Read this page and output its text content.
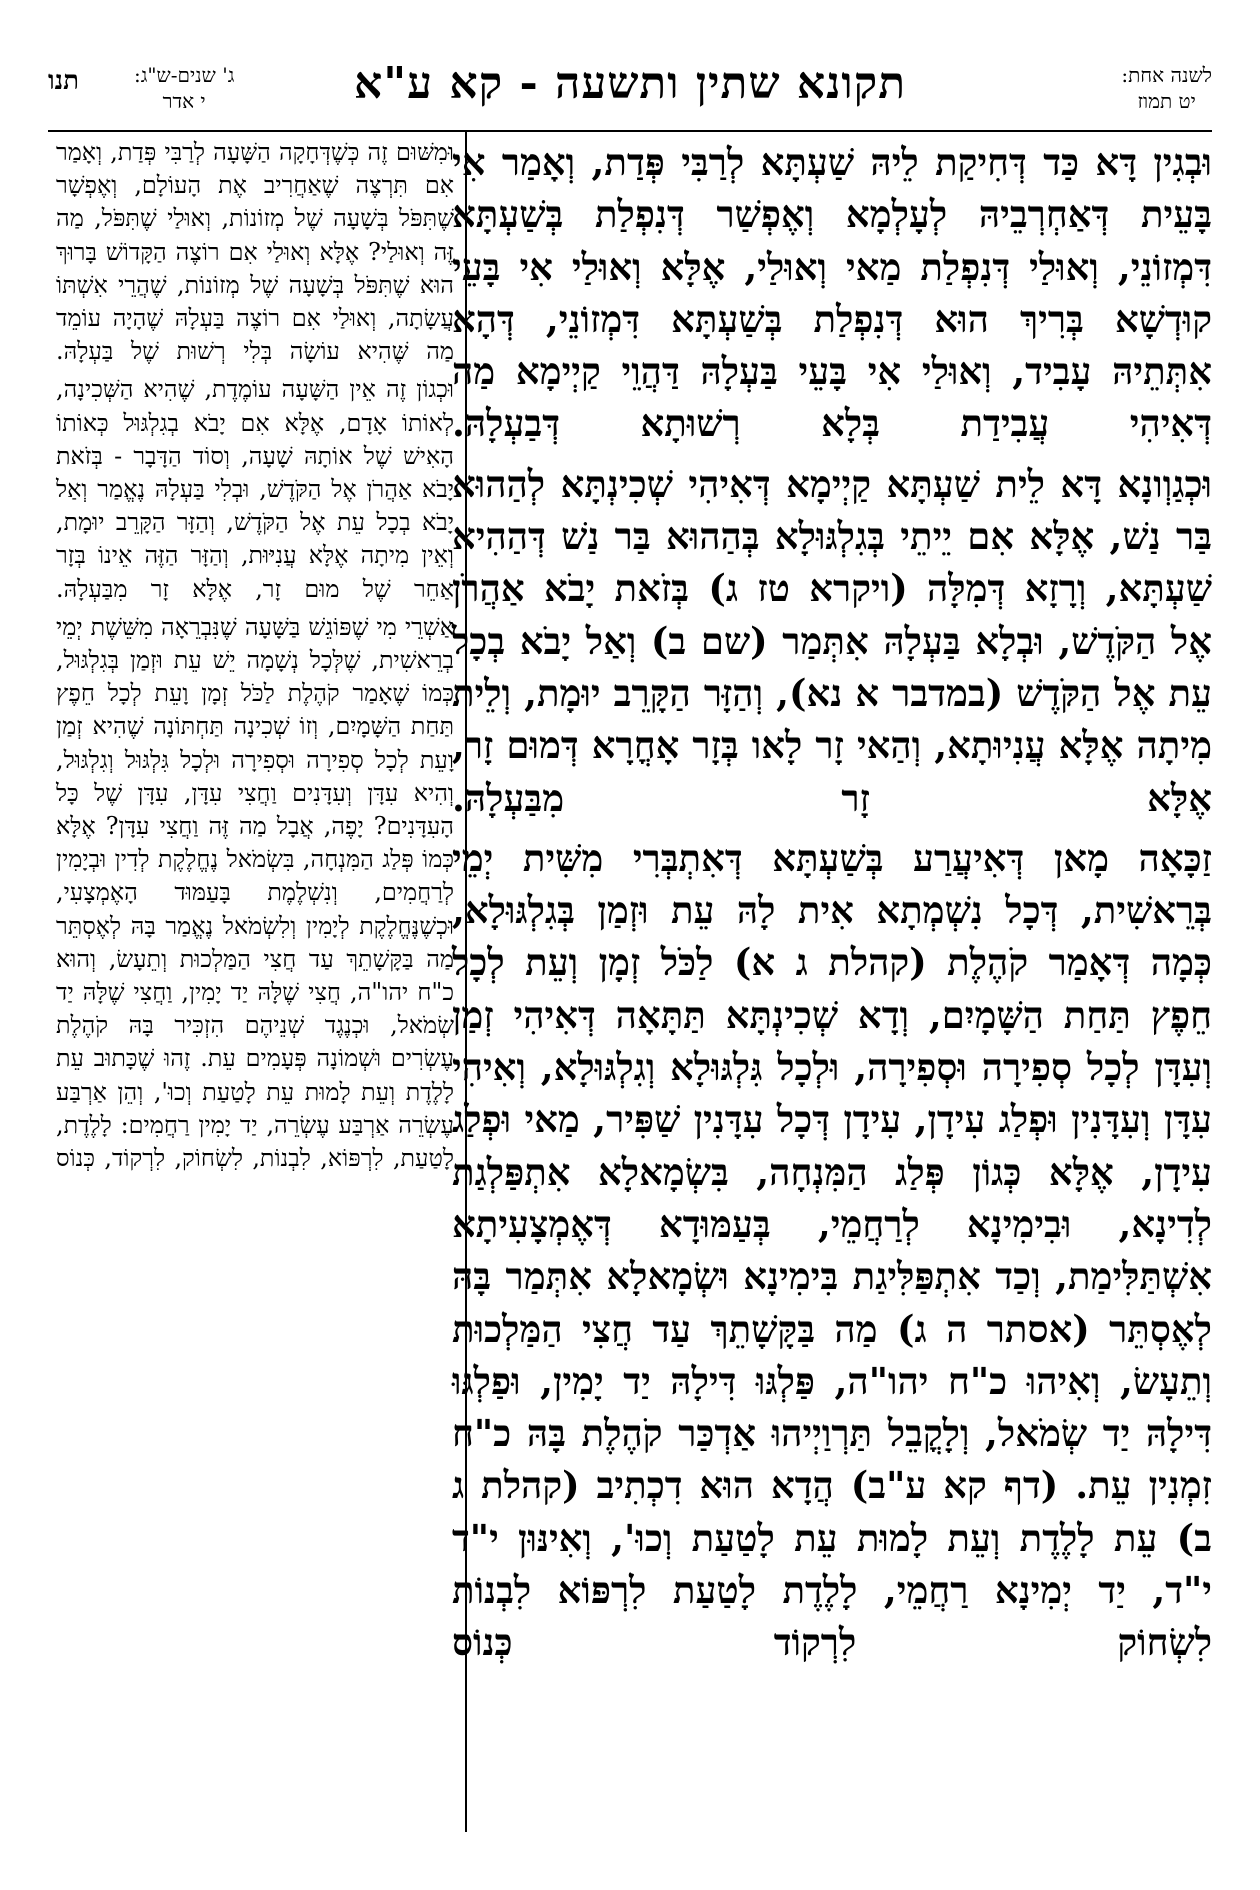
לשנה אחת:
יט תמוז
תקונא שתין ותשעה - קא ע"א
ג' שנים-ש"ג:
י אדר
תנו

וּבְגִין דָּא כַּד דְּחִיקַת לֵיהּ שַׁעְתָּא לְרַבִּי פְּדַת, וְאָמַר אִי בָּעֵית דְּאַחְרְבֵיהּ לְעָלְמָא וְאֶפְשַׁר דְּנִפְלַת בְּשַׁעְתָּא דִּמְזוֹנֵי, וְאוּלַי דְּנִפְלַת מַאי וְאוּלַי, אֶלָּא וְאוּלַי אִי בָּעֵי קוּדְשָׁא בְּרִיךְ הוּא דְּנִפְלַת בְּשַׁעְתָּא דִּמְזוֹנֵי, דְּהָא אִתְּתֵיהּ עָבִיד, וְאוּלַי אִי בָּעֵי בַּעְלָהּ דַּהֲוֵי קַיְימָא מַה דְּאִיהִי עֲבִידַת בְּלָא רְשׁוּתָא דְּבַעְלָהּ.

וּכְגַוְונָא דָּא לֵית שַׁעְתָּא קַיְימָא דְּאִיהִי שְׁכִינְתָּא לְהַהוּא בַּר נַשׁ, אֶלָּא אִם יֵיתֵי בְּגִלְגּוּלָא בְּהַהוּא בַּר נַשׁ דְּהַהִיא שַׁעְתָּא, וְרָזָא דְּמִלָּה (ויקרא טז ג) בְּזֹאת יָבֹא אַהֲרֹן אֶל הַקֹּדֶשׁ, וּבְלָא בַּעְלָהּ אִתְּמַר (שם ב) וְאַל יָבֹא בְכָל עֵת אֶל הַקֹּדֶשׁ (במדבר א נא), וְהַזָּר הַקָּרֵב יוּמָת, וְלֵית מִיתָה אֶלָּא עֲנִיוּתָא, וְהַאי זָר לָאו בְּזָר אָחֳרָא דְּמוּם זָר, אֶלָּא זָר מִבַּעְלָהּ.

זַכָּאָה מָאן דְּאִיעֲרַע בְּשַׁעְתָּא דְּאִתְבְּרִי מִשִּׁית יְמֵי בְּרֵאשִׁית, דְּכָל נִשְׁמְתָא אִית לָהּ עֵת וּזְמַן בְּגִלְגּוּלָא, כְּמָה דְּאָמַר קֹהֶלֶת (קהלת ג א) לַכֹּל זְמָן וְעֵת לְכָל חֵפֶץ תַּחַת הַשָּׁמָיִם, וְדָא שְׁכִינְתָּא תַּתָּאָה דְּאִיהִי זְמַן וְעִדָּן לְכָל סְפִירָה וּסְפִירָה, וּלְכָל גִּלְגּוּלָא וְגִלְגּוּלָא, וְאִיהִי עִדָּן וְעִדָּנִין וּפְלַג עִידָן, עִידָן דְּכָל עִדָּנִין שַׁפִּיר, מַאי וּפְלַג עִידָן, אֶלָּא כְּגוֹן פְּלַג הַמִּנְחָה, בִּשְׂמָאלָא אִתְפַּלְגַת לְדִינָא, וּבִימִינָא לְרַחֲמֵי, בְּעַמּוּדָא דְּאֶמְצָעִיתָא אִשְׁתַּלִּימַת, וְכַד אִתְפַּלִּיגַת בִּימִינָא וּשְׂמָאלָא אִתְּמַר בָּהּ לְאֶסְתֵּר (אסתר ה ג) מַה בַּקָּשָׁתֵךְ עַד חֲצִי הַמַּלְכוּת וְתֵעָשׂ, וְאִיהוּ כ"ח יהו"ה, פַּלְגּוּ דִּילָהּ יַד יָמִין, וּפַלְגּוּ דִּילָהּ יַד שְׂמֹאל, וְלָקֳבֵל תַּרְוַיְיהוּ אַדְכַּר קֹהֶלֶת בָּהּ כ"ח זִמְנִין עֵת. (דף קא ע"ב) הֲדָא הוּא דִכְתִיב (קהלת ג ב) עֵת לָלֶדֶת וְעֵת לָמוּת עֵת לָטַעַת וְכוּ', וְאִינּוּן י"ד י"ד, יַד יְמִינָא רַחֲמֵי, לָלֶדֶת לָטַעַת לִרְפּוֹא לִבְנוֹת לִשְׂחוֹק לִרְקוֹד כְּנוֹס

וּמִשּׁוּם זֶה כְּשֶׁדְּחָקָה הַשָּׁעָה לְרַבִּי פְּדַת, וְאָמַר אִם תִּרְצֶה שֶׁאַחֲרִיב אֶת הָעוֹלָם, וְאֶפְשָׁר שֶׁתִּפֹּל בְּשָׁעָה שֶׁל מְזוֹנוֹת, וְאוּלַי שֶׁתִּפֹּל, מַה זֶּה וְאוּלַי? אֶלָּא וְאוּלַי אִם רוֹצֶה הַקָּדוֹשׁ בָּרוּךְ הוּא שֶׁתִּפֹּל בְּשָׁעָה שֶׁל מְזוֹנוֹת, שֶׁהֲרֵי אִשְׁתּוֹ עֲשָׂתָה, וְאוּלַי אִם רוֹצֶה בַּעְלָהּ שֶׁהָיָה עוֹמֵד מַה שֶּׁהִיא עוֹשָׂה בְּלִי רְשׁוּת שֶׁל בַּעְלָהּ.

וּכְגוֹן זֶה אֵין הַשָּׁעָה עוֹמֶדֶת, שֶׁהִיא הַשְּׁכִינָה, לְאוֹתוֹ אָדָם, אֶלָּא אִם יָבֹא בְגִלְגּוּל כְּאוֹתוֹ הָאִישׁ שֶׁל אוֹתָהּ שָׁעָה, וְסוֹד הַדָּבָר - בְּזֹאת יָבֹא אַהֲרֹן אֶל הַקֹּדֶשׁ, וּבְלִי בַּעְלָהּ נֶאֱמַר וְאַל יָבֹא בְכָל עֵת אֶל הַקֹּדֶשׁ, וְהַזָּר הַקָּרֵב יוּמָת, וְאֵין מִיתָה אֶלָּא עֲנִיּוּת, וְהַזָּר הַזֶּה אֵינוֹ בְּזָר אַחֵר שֶׁל מוּם זָר, אֶלָּא זָר מִבַּעְלָהּ.

אַשְׁרֵי מִי שֶׁפּוֹגֵשׁ בַּשָּׁעָה שֶׁנִּבְרֵאָה מִשֵּׁשֶׁת יְמֵי בְרֵאשִׁית, שֶׁלְּכָל נְשָׁמָה יֵשׁ עֵת וּזְמַן בְּגִלְגּוּל, כְּמוֹ שֶׁאָמַר קֹהֶלֶת לַכֹּל זְמָן וָעֵת לְכָל חֵפֶץ תַּחַת הַשָּׁמָיִם, וְזוֹ שְׁכִינָה תַּחְתּוֹנָה שֶׁהִיא זְמַן וָעֵת לְכָל סְפִירָה וּסְפִירָה וּלְכָל גִּלְגּוּל וְגִלְגּוּל, וְהִיא עִדָּן וְעִדָּנִים וַחֲצִי עִדָּן, עִדָּן שֶׁל כָּל הָעִדָּנִים? יָפֶה, אֲבָל מַה זֶּה וַחֲצִי עִדָּן? אֶלָּא כְּמוֹ פְּלַג הַמִּנְחָה, בִּשְׂמֹאל נֶחֱלֶקֶת לְדִין וּבְיָמִין לְרַחֲמִים, וְנִשְׁלֶמֶת בָּעַמּוּד הָאֶמְצָעִי, וּכְשֶׁנֶּחֱלֶקֶת לְיָמִין וְלִשְׂמֹאל נֶאֱמַר בָּהּ לְאֶסְתֵּר מַה בַּקָּשָׁתֵךְ עַד חֲצִי הַמַּלְכוּת וְתֵעָשׂ, וְהוּא כ"ח יהו"ה, חֲצִי שֶׁלָּהּ יַד יָמִין, וַחֲצִי שֶׁלָּהּ יַד שְׂמֹאל, וּכְנֶגֶד שְׁנֵיהֶם הִזְכִּיר בָּהּ קֹהֶלֶת עֶשְׂרִים וּשְׁמוֹנָה פְּעָמִים עֵת. זֶהוּ שֶׁכָּתוּב עֵת לָלֶדֶת וְעֵת לָמוּת עֵת לָטַעַת וְכוּ', וְהֵן אַרְבַּע עֶשְׂרֵה אַרְבַּע עֶשְׂרֵה, יַד יָמִין רַחֲמִים: לָלֶדֶת, לָטַעַת, לִרְפּוֹא, לִבְנוֹת, לִשְׂחוֹק, לִרְקוֹד, כְּנוֹס
